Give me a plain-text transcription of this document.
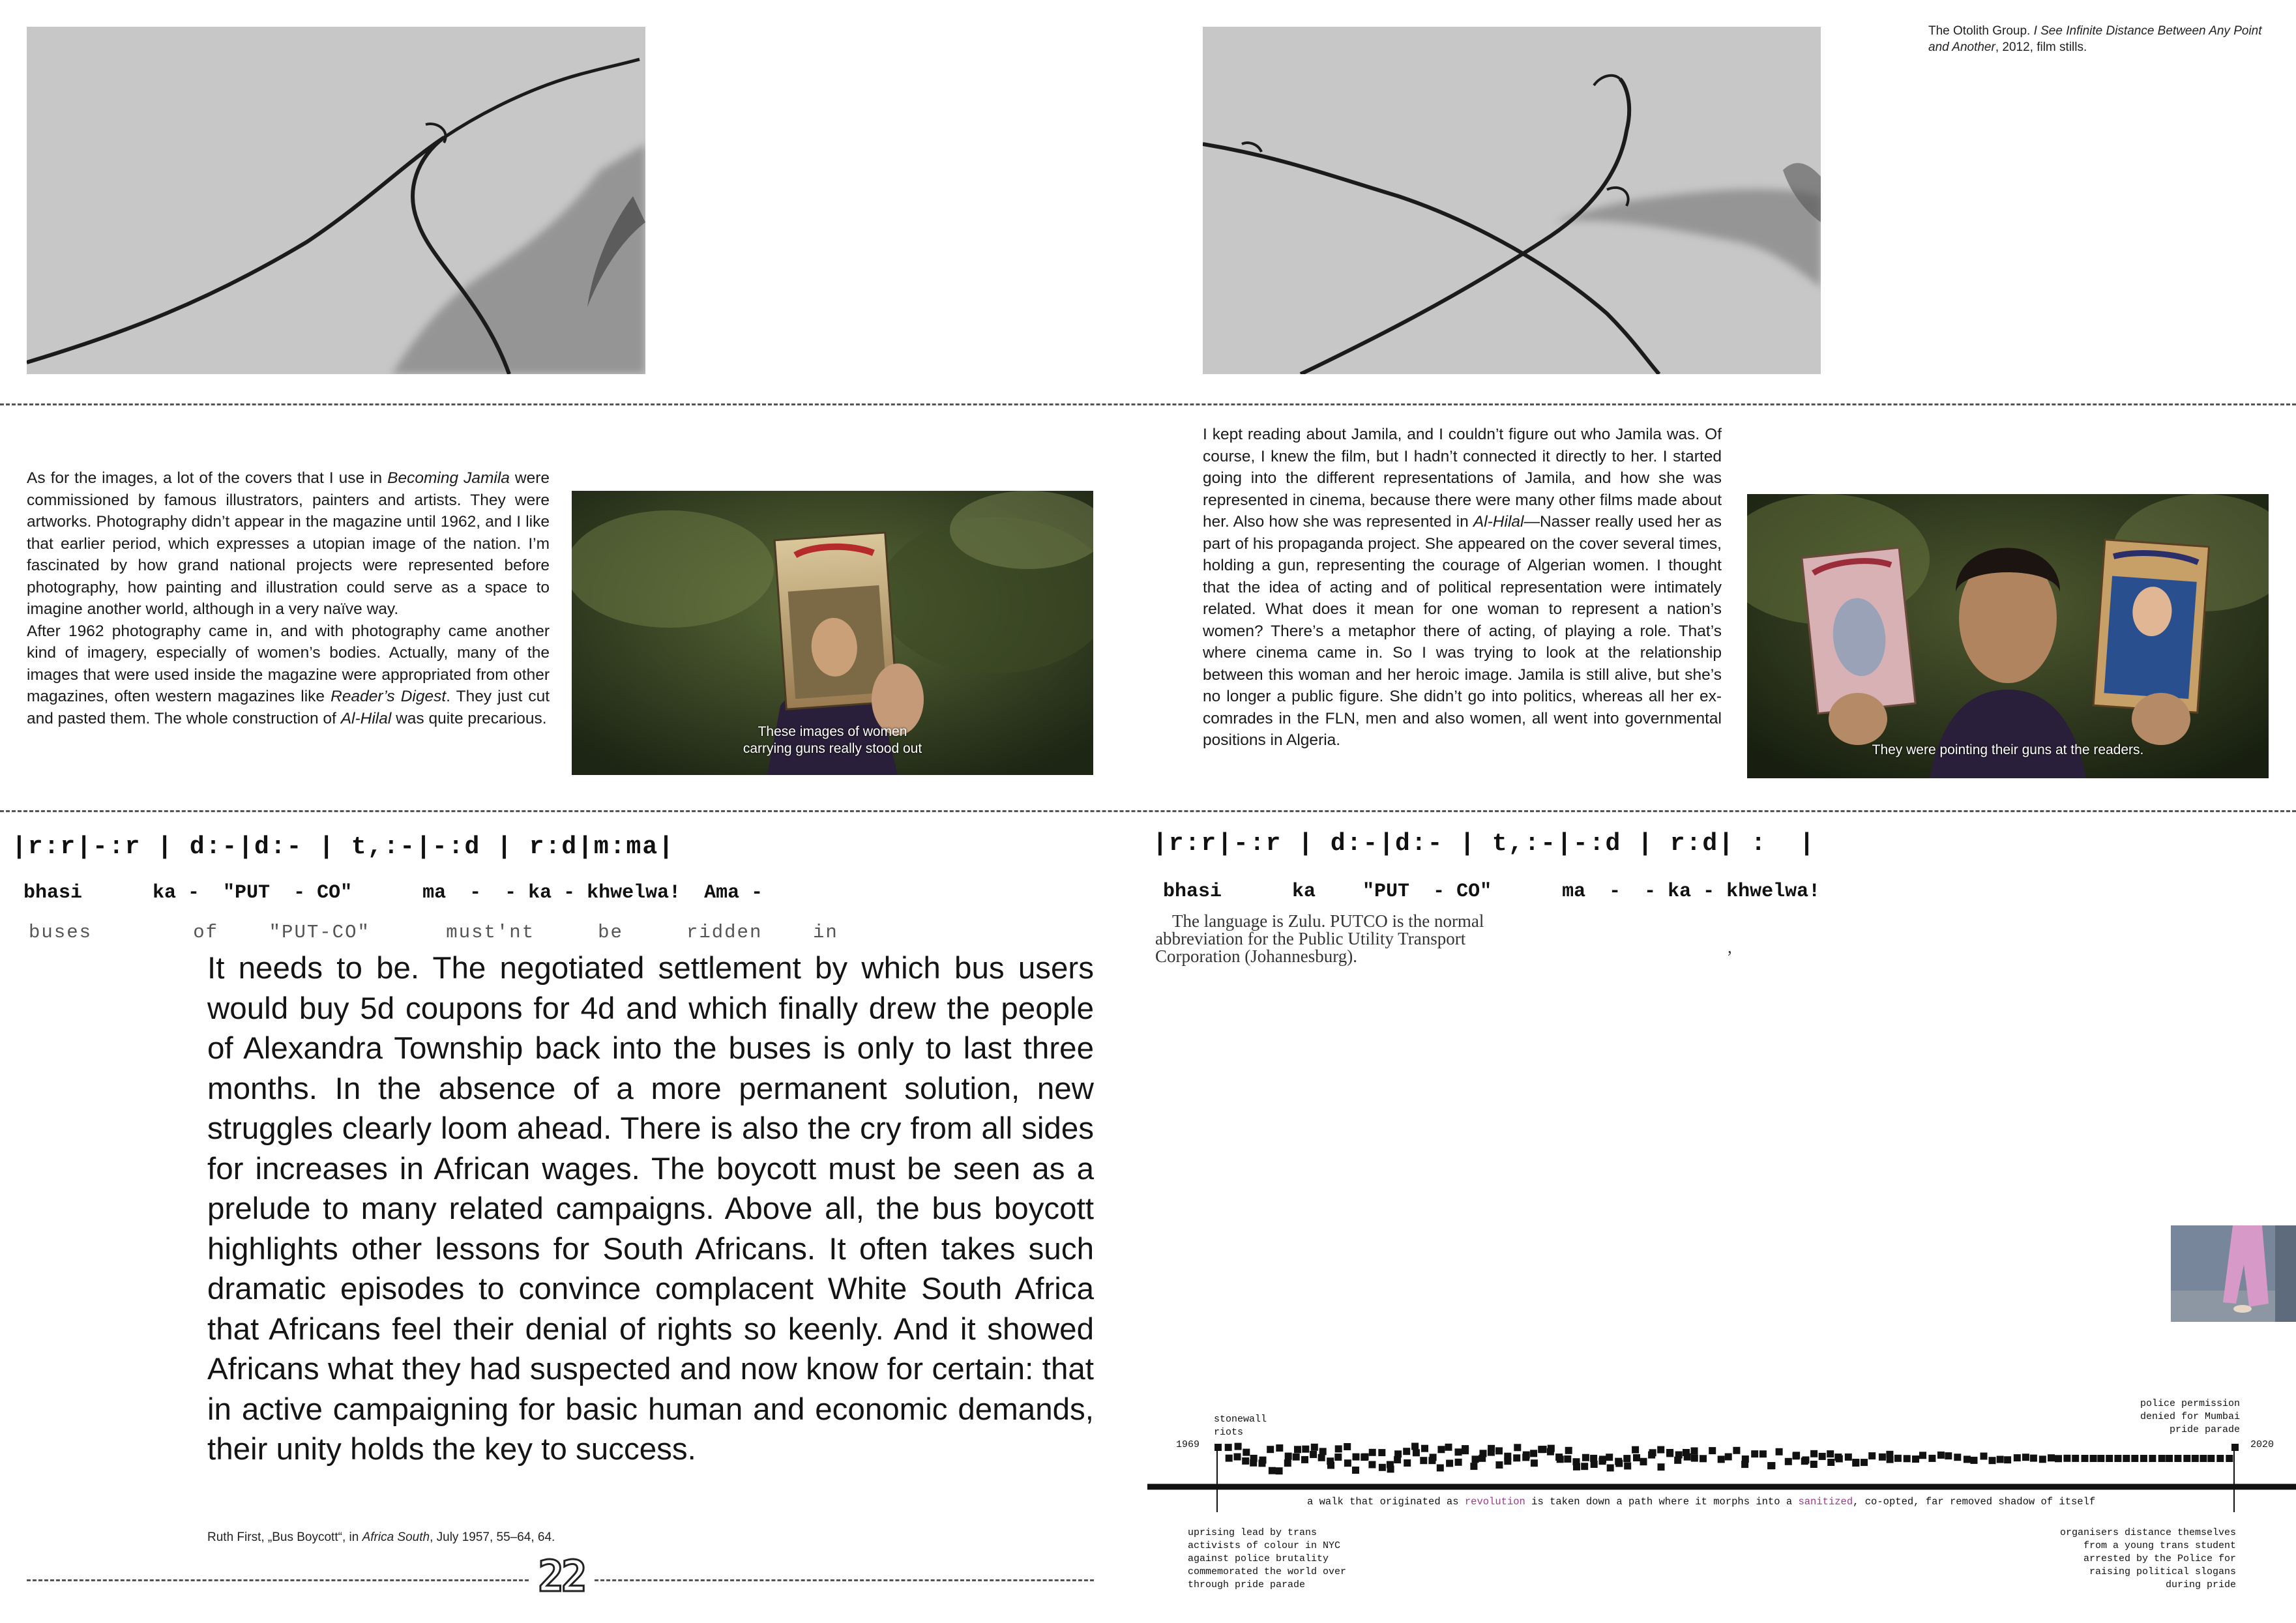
The Otolith Group. I See Infinite Distance Between Any Point and Another, 2012, film stills.

As for the images, a lot of the covers that I use in Becoming Jamila were commissioned by famous illustrators, painters and artists. They were artworks. Photography didn’t appear in the magazine until 1962, and I like that earlier period, which expresses a utopian image of the nation. I’m fascinated by how grand national projects were represented before photography, how painting and illustration could serve as a space to imagine another world, although in a very naïve way.

After 1962 photography came in, and with photography came another kind of imagery, especially of women’s bodies. Actually, many of the images that were used inside the magazine were appropriated from other magazines, often western magazines like Reader’s Digest. They just cut and pasted them. The whole construction of Al-Hilal was quite precarious.

These images of women
carrying guns really stood out

I kept reading about Jamila, and I couldn’t figure out who Jamila was. Of course, I knew the film, but I hadn’t connected it directly to her. I started going into the different representations of Jamila, and how she was represented in cinema, because there were many other films made about her. Also how she was represented in Al-Hilal—Nasser really used her as part of his propaganda project. She appeared on the cover several times, holding a gun, representing the courage of Algerian women. I thought that the idea of acting and of political representation were intimately related. What does it mean for one woman to represent a nation’s women? There’s a metaphor there of acting, of playing a role. That’s where cinema came in. So I was trying to look at the relationship between this woman and her heroic image. Jamila is still alive, but she’s no longer a public figure. She didn’t go into politics, whereas all her ex-comrades in the FLN, men and also women, all went into governmental positions in Algeria.

They were pointing their guns at the readers.
|r:r|-:r | d:-|d:- | t,:-|-:d | r:d|m:ma|
bhasi      ka -  "PUT  - CO"      ma  -  - ka - khwelwa!  Ama -
buses        of    "PUT-CO"      must'nt     be     ridden    in
|r:r|-:r | d:-|d:- | t,:-|-:d | r:d| :  |
bhasi      ka    "PUT  - CO"      ma  -  - ka - khwelwa!
The language is Zulu. PUTCO is the normal
abbreviation for the Public Utility Transport
Corporation (Johannesburg).	,
It needs to be. The negotiated settlement by which bus users would buy 5d coupons for 4d and which finally drew the people of Alexandra Township back into the buses is only to last three months. In the absence of a more permanent solution, new struggles clearly loom ahead. There is also the cry from all sides for increases in African wages. The boycott must be seen as a prelude to many related campaigns. Above all, the bus boycott highlights other lessons for South Africans. It often takes such dramatic episodes to convince complacent White South Africa that Africans feel their denial of rights so keenly. And it showed Africans what they had suspected and now know for certain: that in active campaigning for basic human and economic demands, their unity holds the key to success.
Ruth First, „Bus Boycott“, in Africa South, July 1957, 55–64, 64.
22
stonewall
riots
police permission
denied for Mumbai
pride parade
1969	2020
a walk that originated as revolution is taken down a path where it morphs into a sanitized, co-opted, far removed shadow of itself
uprising lead by trans
activists of colour in NYC
against police brutality
commemorated the world over
through pride parade
organisers distance themselves
from a young trans student
arrested by the Police for
raising political slogans
during pride
